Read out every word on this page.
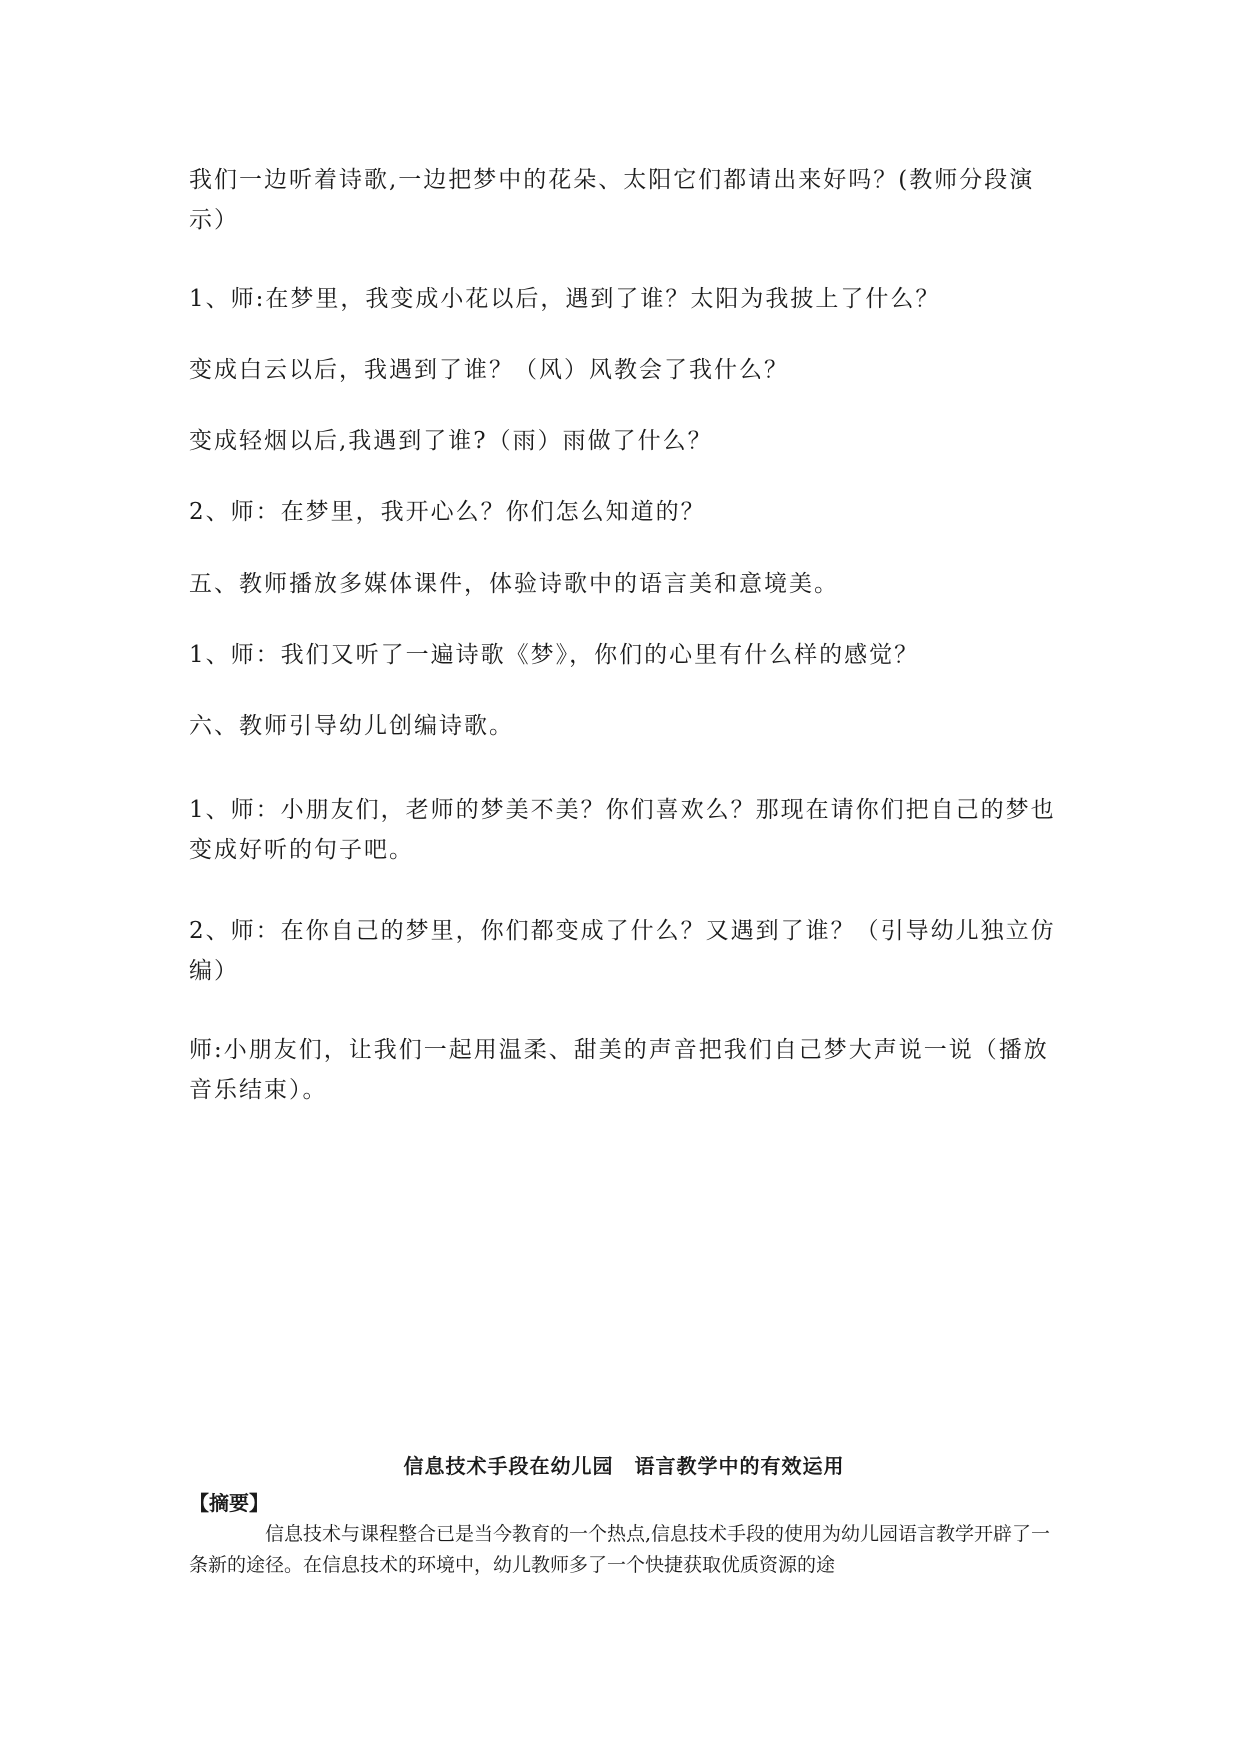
我们一边听着诗歌,一边把梦中的花朵、太阳它们都请出来好吗？(教师分段演示）

1、师:在梦里，我变成小花以后，遇到了谁？太阳为我披上了什么？

变成白云以后，我遇到了谁？（风）风教会了我什么？

变成轻烟以后,我遇到了谁?（雨）雨做了什么？

2、师：在梦里，我开心么？你们怎么知道的？

五、教师播放多媒体课件，体验诗歌中的语言美和意境美。

1、师：我们又听了一遍诗歌《梦》，你们的心里有什么样的感觉？

六、教师引导幼儿创编诗歌。

1、师：小朋友们，老师的梦美不美？你们喜欢么？那现在请你们把自己的梦也变成好听的句子吧。

2、师：在你自己的梦里，你们都变成了什么？又遇到了谁？（引导幼儿独立仿编）

师:小朋友们，让我们一起用温柔、甜美的声音把我们自己梦大声说一说（播放音乐结束）。

信息技术手段在幼儿园　语言教学中的有效运用
【摘要】

信息技术与课程整合已是当今教育的一个热点,信息技术手段的使用为幼儿园语言教学开辟了一条新的途径。在信息技术的环境中，幼儿教师多了一个快捷获取优质资源的途
